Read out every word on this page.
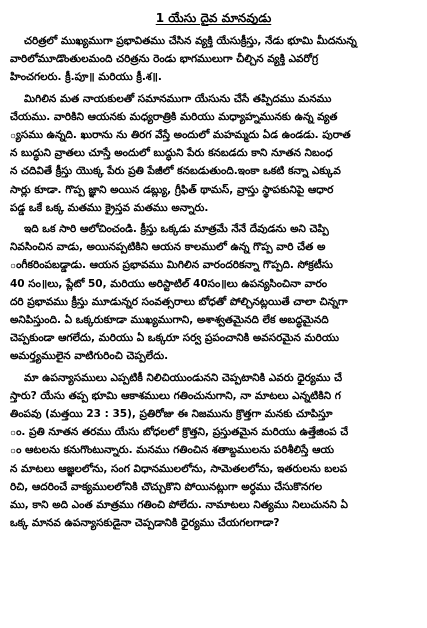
1 యేసు దైవ మానవుడు

చరిత్రలో ముఖ్యముగా ప్రభావితము చేసిన వ్యక్తి యేసుక్రీస్తు, నేడు భూమి మీదనున్న
వారిలోమూడొంతులమంది చరిత్రను రెండు భాగములుగా చీల్చిన వ్యక్తి ఎవరోగ్ర
హించగలరు. క్రీ.పూ॥ మరియు క్రీ.శ॥.

మిగిలిన మత నాయకులతో సమానముగా యేసును చేసే తప్పిదము మనము
చేయము. వారికిని ఆయనకు మధ్యరాత్రికి మరియు మధ్యాహ్నమునకు ఉన్న వ్యత
్యసము ఉన్నది. ఖురాను ను తిరగ వేస్తే అందులో మహమ్మదు ఏడ ఉండడు. పురాత
న బుద్ధుని వ్రాతలు చూస్తే అందులో బుద్ధుని పేరు కనబడదు కాని నూతన నిబంధ
న చదివితే క్రీస్తు యొక్క పేరు ప్రతి పేజీలో కనబడుతుంది.ఇంకా ఒకటి కన్నా ఎక్కువ
సార్లు కూడా. గొప్ప జ్ఞాని అయిన డబ్ల్యు, గ్రీఫిత్ థామస్, వ్రాస్తు స్థాపకునిపై ఆధార
పడ్డ ఒకే ఒక్క మతము క్రైస్తవ మతము అన్నారు.

ఇది ఒక సారి ఆలోచించండి. క్రీస్తు ఒక్కడు మాత్రమే నేనే దేవుడను అని చెప్పి
నివసించిన వాడు, అయినప్పటికిని ఆయన కాలములో ఉన్న గొప్ప వారి చేత అ
ంగీకరింపబడ్డాడు. ఆయన ప్రభావము మిగిలిన వారందరికన్నా గొప్పది. సోక్రటీసు
40 సం॥లు, ప్లేటో 50, మరియు అరిస్టాటిల్ 40సం॥లు ఉపన్యసించినా వారం
దరి ప్రభావము క్రీస్తు మూడున్నర సంవత్సరాలు బోధతో పోల్చినట్లయితే చాలా చిన్నగా
అనిపిస్తుంది. ఏ ఒక్కరుకూడా ముఖ్యముగాని, అశాశ్వతమైనది లేక అబద్ధమైనది
చెప్పకుండా ఆగలేదు, మరియు ఏ ఒక్కరూ సర్వ ప్రపంచానికి అవసరమైన మరియు
అమర్త్యములైన వాటిగురించి చెప్పలేదు.

మా ఉపన్యాసములు ఎప్పటికీ నిలిచియుండునని చెప్పటానికి ఎవరు ధైర్యము చే
స్తారు? యేసు తప్ప భూమి ఆకాశములు గతించునుగాని, నా మాటలు ఎన్నటికిని గ
తింపవు (మత్తయి 23 : 35), ప్రతిరోజు ఈ నిజమును క్రొత్తగా మనకు చూపిస్తూ
ం. ప్రతి నూతన తరము యేసు బోధలలో క్రొత్తని, ప్రస్తుతమైన మరియు ఉత్తేజింప చే
ం ఆటలను కనుగొంటున్నారు. మనము గతించిన శతాబ్దములను పరిశీలిస్తే ఆయ
న మాటలు ఆజ్ఞలలోను, సంగ విధానములలోను, సామెతలలోను, ఇతరులను బలప
రిచి, ఆదరించే వాక్యములలోనికి చొచ్చుకొని పోయినట్లుగా అర్ధము చేసుకొనగల
ము, కాని అది ఎంత మాత్రము గతించి పోలేదు. నామాటలు నిత్యము నిలుచునని ఏ
ఒక్క మానవ ఉపన్యాసకుడైనా చెప్పడానికి ధైర్యము చేయగలగాడా?
